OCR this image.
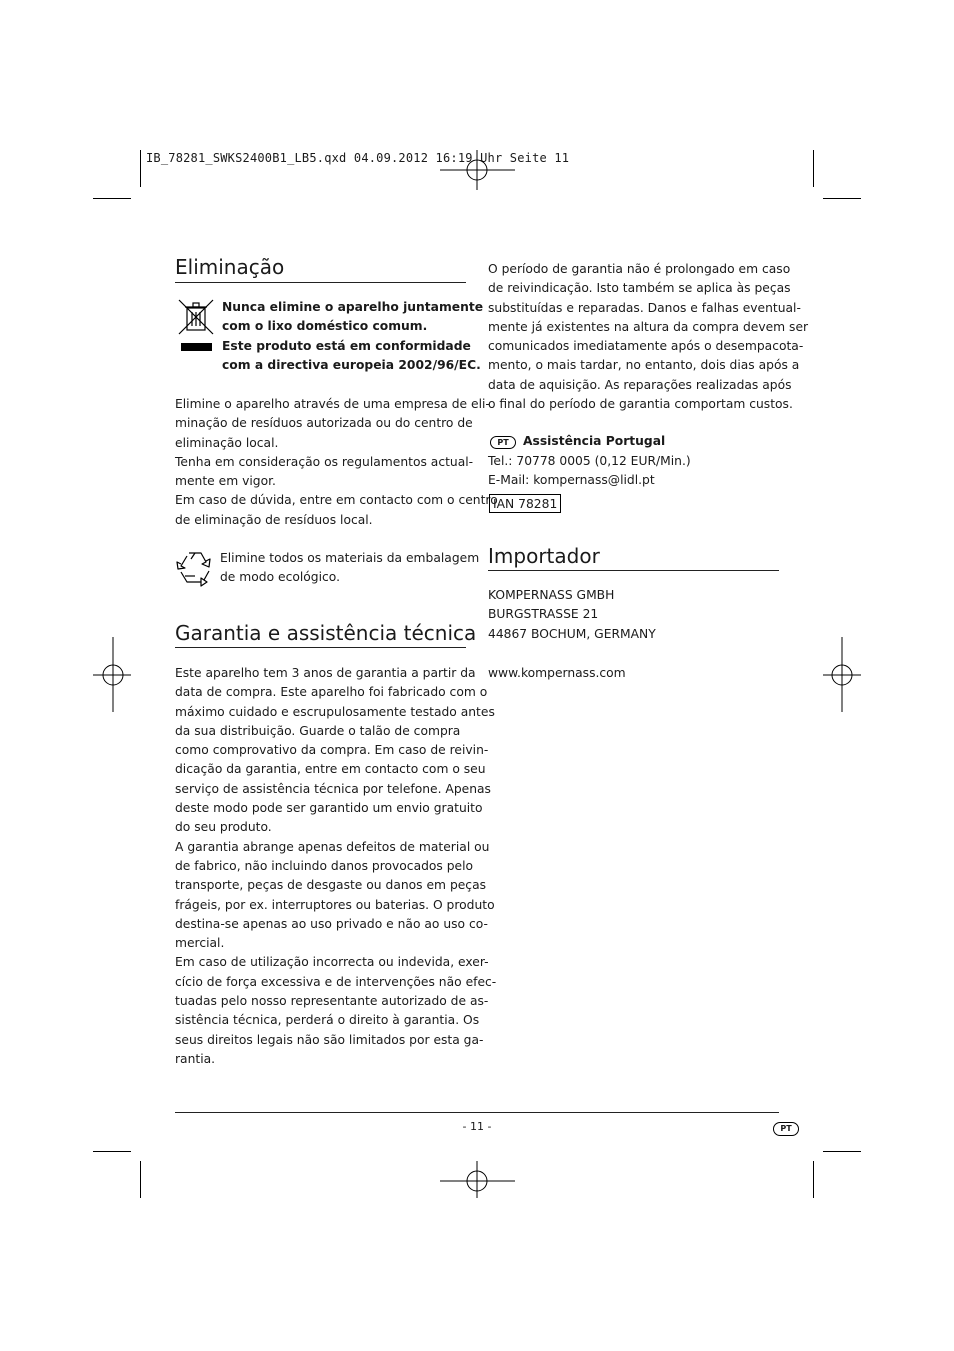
IB_78281_SWKS2400B1_LB5.qxd 04.09.2012 16:19 Uhr Seite 11
Eliminação
Nunca elimine o aparelho juntamente
com o lixo doméstico comum.
Este produto está em conformidade
com a directiva europeia 2002/96/EC.
Elimine o aparelho através de uma empresa de eli-
minação de resíduos autorizada ou do centro de
eliminação local.
Tenha em consideração os regulamentos actual-
mente em vigor.
Em caso de dúvida, entre em contacto com o centro
de eliminação de resíduos local.
Elimine todos os materiais da embalagem
de modo ecológico.
Garantia e assistência técnica
Este aparelho tem 3 anos de garantia a partir da
data de compra. Este aparelho foi fabricado com o
máximo cuidado e escrupulosamente testado antes
da sua distribuição. Guarde o talão de compra
como comprovativo da compra. Em caso de reivin-
dicação da garantia, entre em contacto com o seu
serviço de assistência técnica por telefone. Apenas
deste modo pode ser garantido um envio gratuito
do seu produto.
A garantia abrange apenas defeitos de material ou
de fabrico, não incluindo danos provocados pelo
transporte, peças de desgaste ou danos em peças
frágeis, por ex. interruptores ou baterias. O produto
destina-se apenas ao uso privado e não ao uso co-
mercial.
Em caso de utilização incorrecta ou indevida, exer-
cício de força excessiva e de intervenções não efec-
tuadas pelo nosso representante autorizado de as-
sistência técnica, perderá o direito à garantia. Os
seus direitos legais não são limitados por esta ga-
rantia.
O período de garantia não é prolongado em caso
de reivindicação. Isto também se aplica às peças
substituídas e reparadas. Danos e falhas eventual-
mente já existentes na altura da compra devem ser
comunicados imediatamente após o desempacota-
mento, o mais tardar, no entanto, dois dias após a
data de aquisição. As reparações realizadas após
o final do período de garantia comportam custos.
PT	Assistência Portugal
Tel.: 70778 0005 (0,12 EUR/Min.)
E-Mail: kompernass@lidl.pt
IAN 78281
Importador
KOMPERNASS GMBH
BURGSTRASSE 21
44867 BOCHUM, GERMANY
www.kompernass.com
- 11 -	PT
